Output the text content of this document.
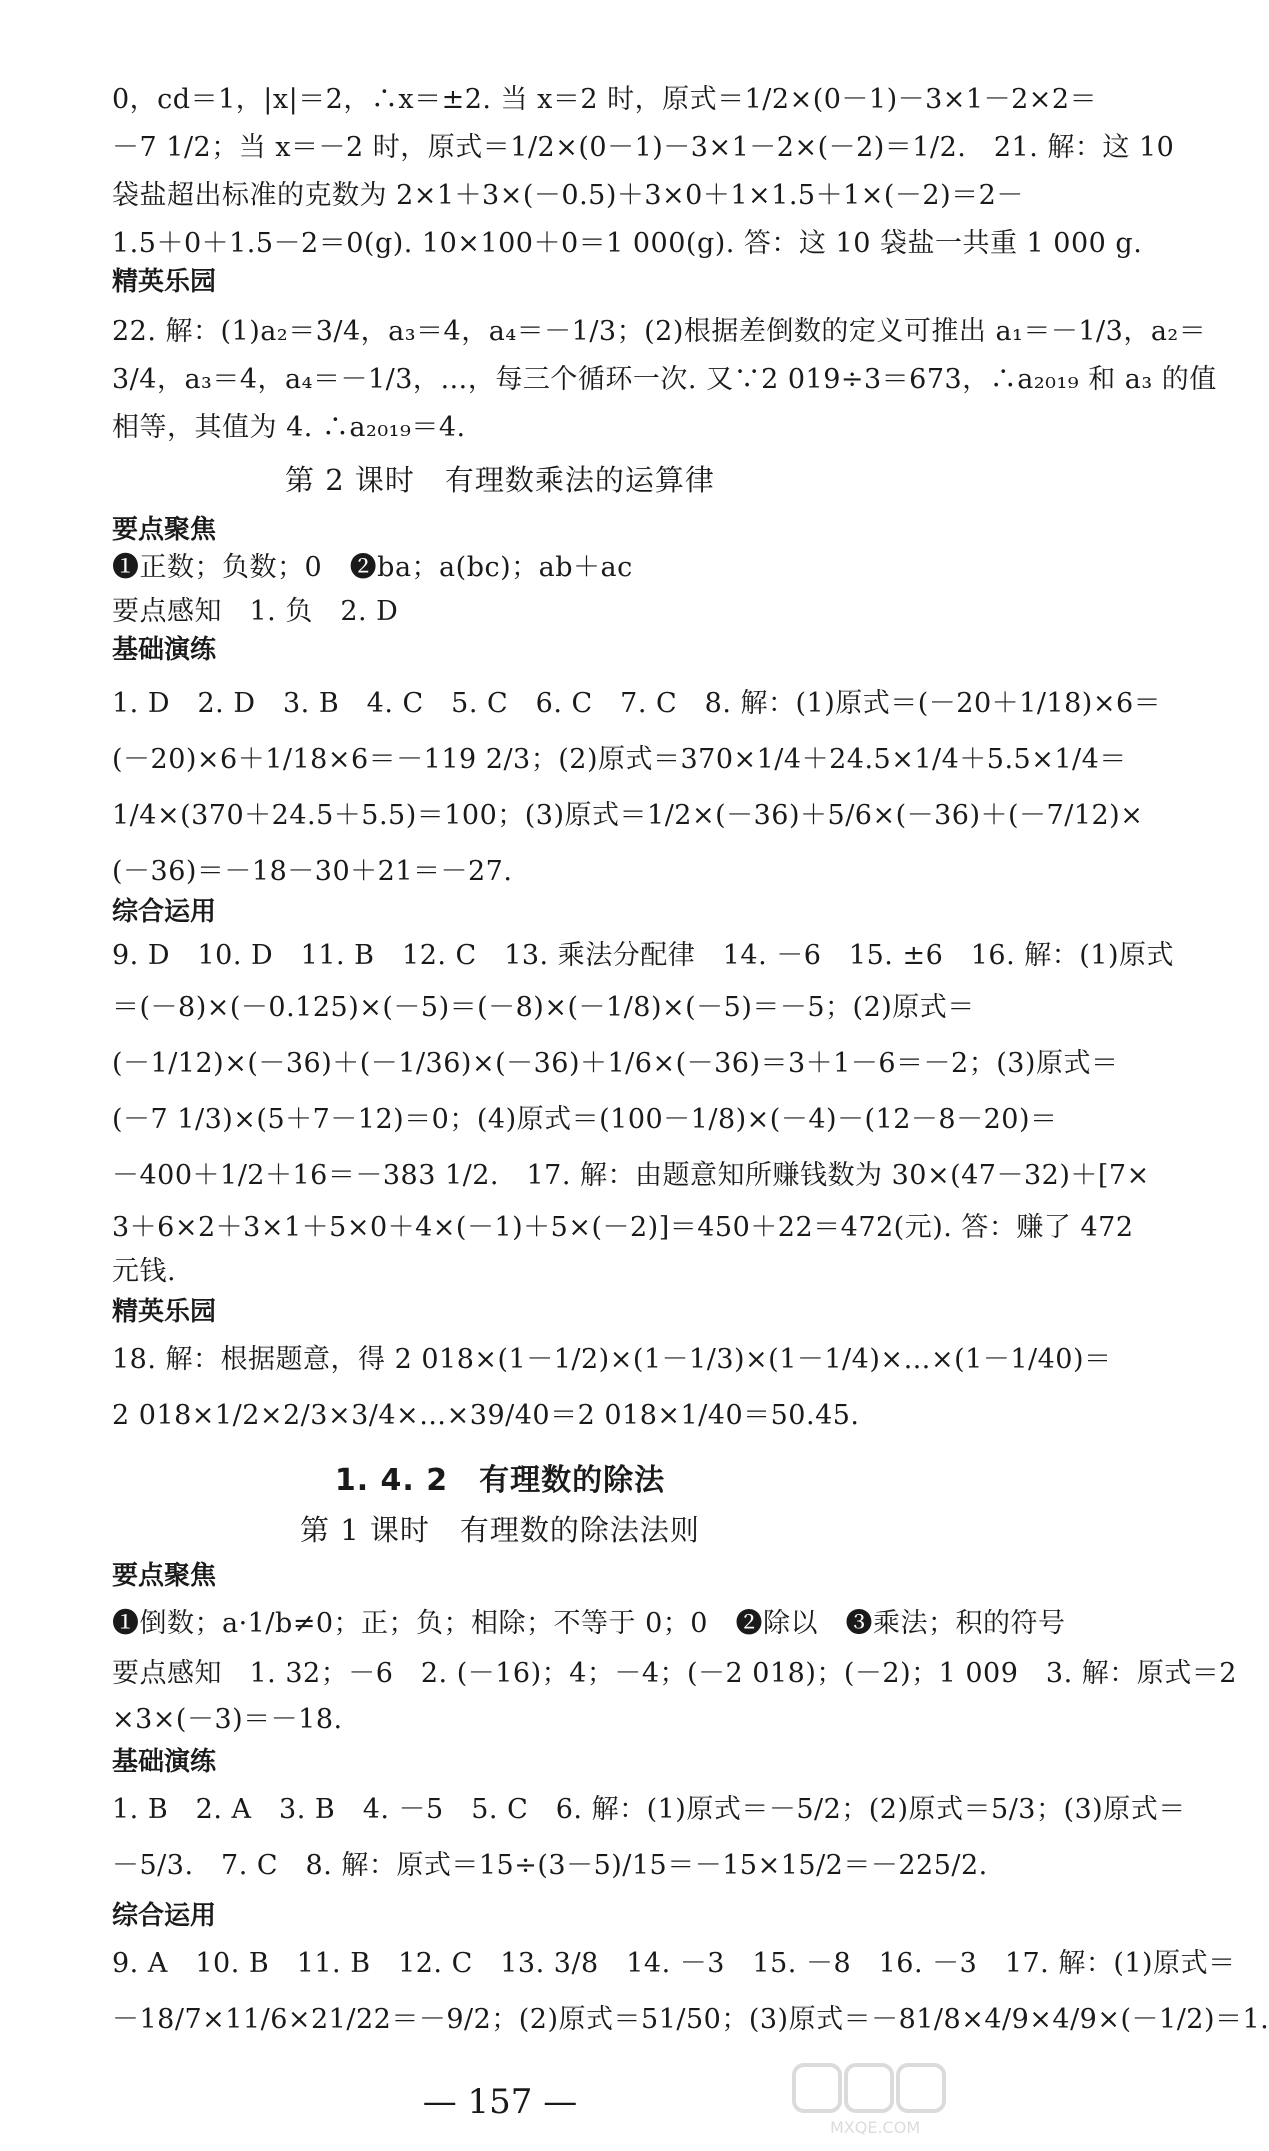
0，cd＝1，|x|＝2，∴x＝±2. 当 x＝2 时，原式＝1/2×(0－1)－3×1－2×2＝
－7 1/2；当 x＝－2 时，原式＝1/2×(0－1)－3×1－2×(－2)＝1/2.　21. 解：这 10
袋盐超出标准的克数为 2×1＋3×(－0.5)＋3×0＋1×1.5＋1×(－2)＝2－
1.5＋0＋1.5－2＝0(g). 10×100＋0＝1 000(g). 答：这 10 袋盐一共重 1 000 g.
精英乐园
22. 解：(1)a₂＝3/4，a₃＝4，a₄＝－1/3；(2)根据差倒数的定义可推出 a₁＝－1/3，a₂＝
3/4，a₃＝4，a₄＝－1/3，…，每三个循环一次. 又∵2 019÷3＝673，∴a₂₀₁₉ 和 a₃ 的值
相等，其值为 4. ∴a₂₀₁₉＝4.
第 2 课时　有理数乘法的运算律
要点聚焦
❶正数；负数；0　❷ba；a(bc)；ab＋ac
要点感知　1. 负　2. D
基础演练
1. D　2. D　3. B　4. C　5. C　6. C　7. C　8. 解：(1)原式＝(－20＋1/18)×6＝
(－20)×6＋1/18×6＝－119 2/3；(2)原式＝370×1/4＋24.5×1/4＋5.5×1/4＝
1/4×(370＋24.5＋5.5)＝100；(3)原式＝1/2×(－36)＋5/6×(－36)＋(－7/12)×
(－36)＝－18－30＋21＝－27.
综合运用
9. D　10. D　11. B　12. C　13. 乘法分配律　14. －6　15. ±6　16. 解：(1)原式
＝(－8)×(－0.125)×(－5)＝(－8)×(－1/8)×(－5)＝－5；(2)原式＝
(－1/12)×(－36)＋(－1/36)×(－36)＋1/6×(－36)＝3＋1－6＝－2；(3)原式＝
(－7 1/3)×(5＋7－12)＝0；(4)原式＝(100－1/8)×(－4)－(12－8－20)＝
－400＋1/2＋16＝－383 1/2.　17. 解：由题意知所赚钱数为 30×(47－32)＋[7×
3＋6×2＋3×1＋5×0＋4×(－1)＋5×(－2)]＝450＋22＝472(元). 答：赚了 472
元钱.
精英乐园
18. 解：根据题意，得 2 018×(1－1/2)×(1－1/3)×(1－1/4)×…×(1－1/40)＝
2 018×1/2×2/3×3/4×…×39/40＝2 018×1/40＝50.45.
1. 4. 2　有理数的除法
第 1 课时　有理数的除法法则
要点聚焦
❶倒数；a·1/b≠0；正；负；相除；不等于 0；0　❷除以　❸乘法；积的符号
要点感知　1. 32；－6　2. (－16)；4；－4；(－2 018)；(－2)；1 009　3. 解：原式＝2
×3×(－3)＝－18.
基础演练
1. B　2. A　3. B　4. －5　5. C　6. 解：(1)原式＝－5/2；(2)原式＝5/3；(3)原式＝
－5/3.　7. C　8. 解：原式＝15÷(3－5)/15＝－15×15/2＝－225/2.
综合运用
9. A　10. B　11. B　12. C　13. 3/8　14. －3　15. －8　16. －3　17. 解：(1)原式＝
－18/7×11/6×21/22＝－9/2；(2)原式＝51/50；(3)原式＝－81/8×4/9×4/9×(－1/2)＝1.
— 157 —
MXQE.COM
